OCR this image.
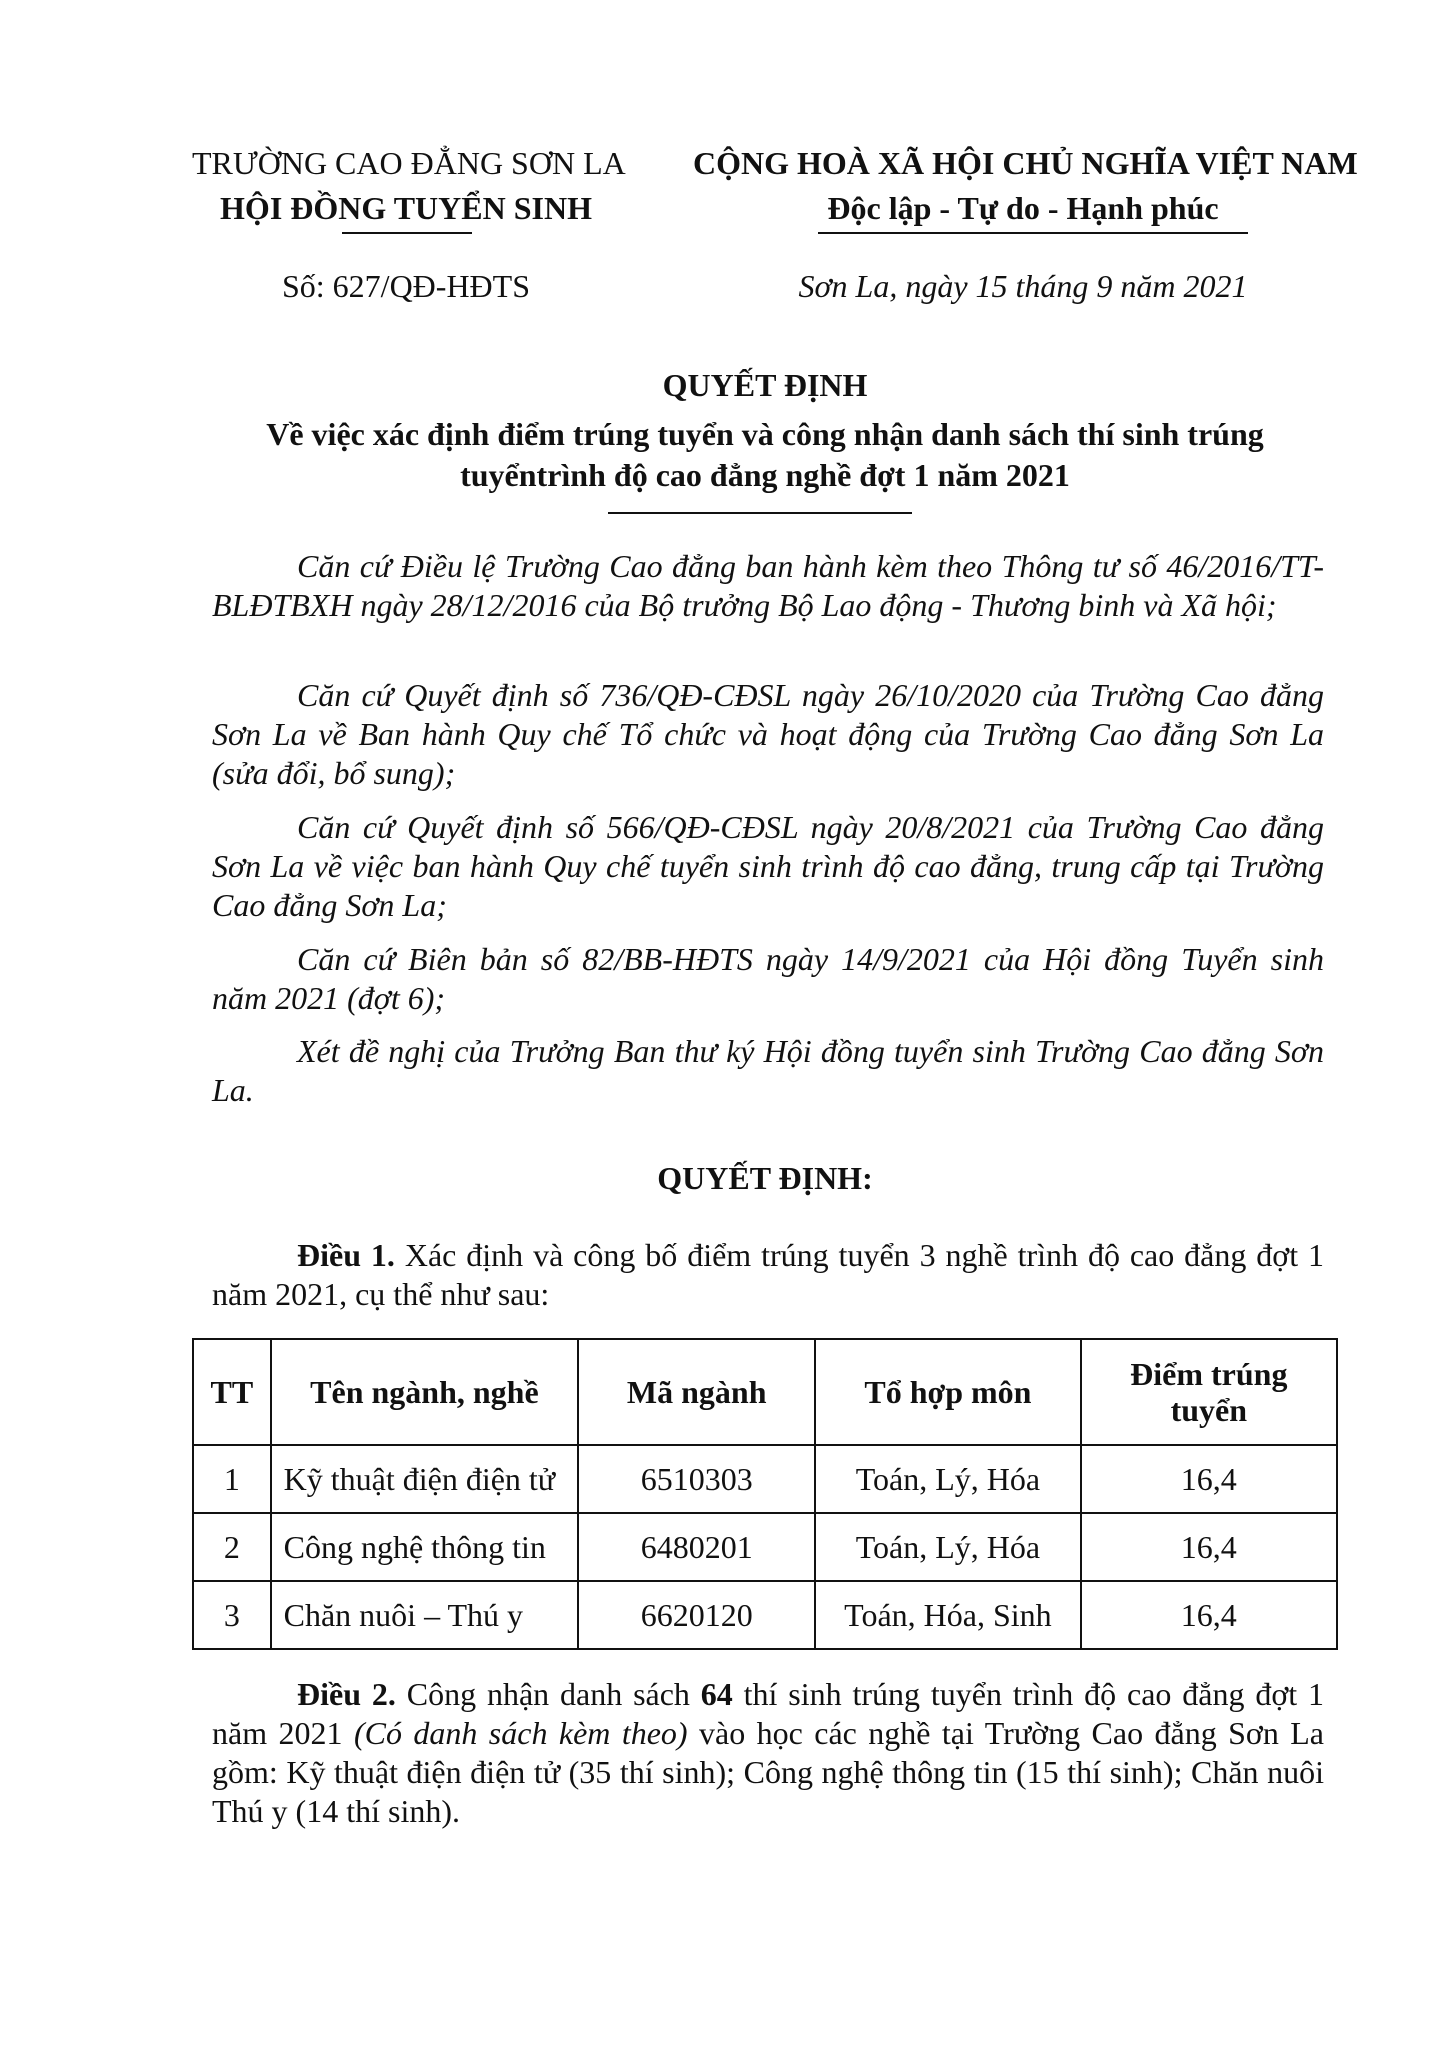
TRƯỜNG CAO ĐẲNG SƠN LA
HỘI ĐỒNG TUYỂN SINH
CỘNG HOÀ XÃ HỘI CHỦ NGHĨA VIỆT NAM
Độc lập - Tự do - Hạnh phúc
Số: 627/QĐ-HĐTS	Sơn La, ngày 15 tháng 9 năm 2021
QUYẾT ĐỊNH
Về việc xác định điểm trúng tuyển và công nhận danh sách thí sinh trúng
tuyểntrình độ cao đẳng nghề đợt 1 năm 2021
Căn cứ Điều lệ Trường Cao đẳng ban hành kèm theo Thông tư số 46/2016/TT-BLĐTBXH ngày 28/12/2016 của Bộ trưởng Bộ Lao động - Thương binh và Xã hội;
Căn cứ Quyết định số 736/QĐ-CĐSL ngày 26/10/2020 của Trường Cao đẳng Sơn La về Ban hành Quy chế Tổ chức và hoạt động của Trường Cao đẳng Sơn La (sửa đổi, bổ sung);
Căn cứ Quyết định số 566/QĐ-CĐSL ngày 20/8/2021 của Trường Cao đẳng Sơn La về việc ban hành Quy chế tuyển sinh trình độ cao đẳng, trung cấp tại Trường Cao đẳng Sơn La;
Căn cứ Biên bản số 82/BB-HĐTS ngày 14/9/2021 của Hội đồng Tuyển sinh năm 2021 (đợt 6);
Xét đề nghị của Trưởng Ban thư ký Hội đồng tuyển sinh Trường Cao đẳng Sơn La.
QUYẾT ĐỊNH:
Điều 1. Xác định và công bố điểm trúng tuyển 3 nghề trình độ cao đẳng đợt 1 năm 2021, cụ thể như sau:
TT	Tên ngành, nghề	Mã ngành	Tổ hợp môn	Điểm trúng tuyển
1	Kỹ thuật điện điện tử	6510303	Toán, Lý, Hóa	16,4
2	Công nghệ thông tin	6480201	Toán, Lý, Hóa	16,4
3	Chăn nuôi – Thú y	6620120	Toán, Hóa, Sinh	16,4
Điều 2. Công nhận danh sách 64 thí sinh trúng tuyển trình độ cao đẳng đợt 1 năm 2021 (Có danh sách kèm theo) vào học các nghề tại Trường Cao đẳng Sơn La gồm: Kỹ thuật điện điện tử (35 thí sinh); Công nghệ thông tin (15 thí sinh); Chăn nuôi Thú y (14 thí sinh).
